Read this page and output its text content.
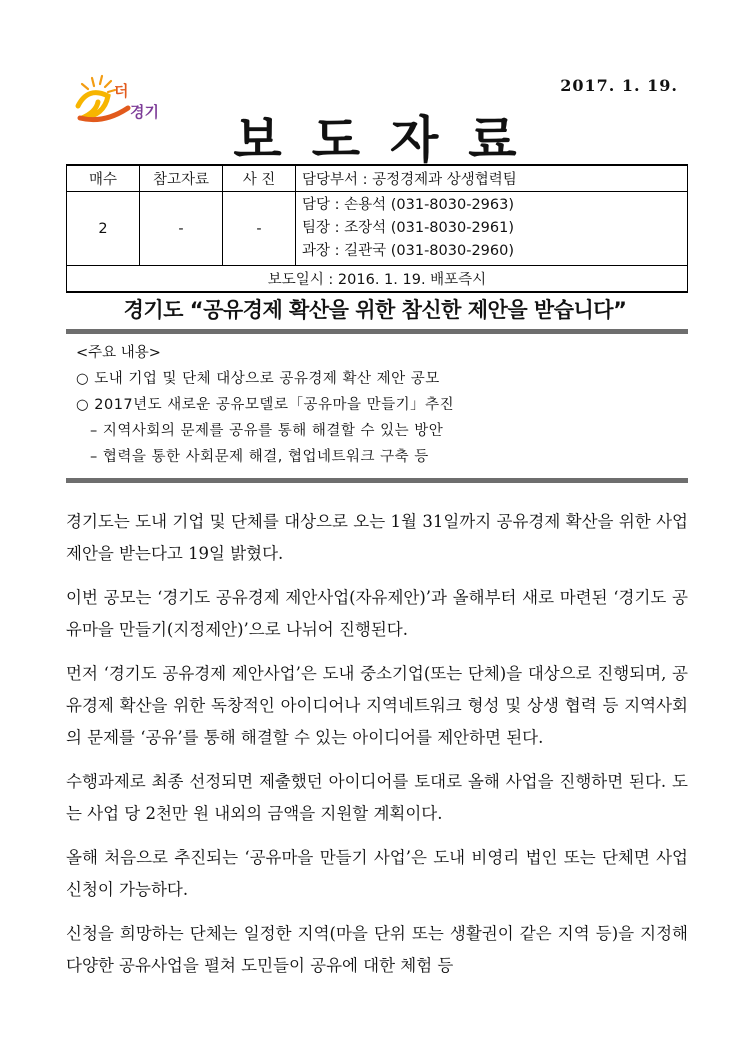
더
경기
2017. 1. 19.
보도자료
매수	참고자료	사 진	담당부서 : 공정경제과 상생협력팀
2	-	-	담당 : 손용석 (031-8030-2963)
팀장 : 조장석 (031-8030-2961)
과장 : 길관국 (031-8030-2960)

보도일시 : 2016. 1. 19. 배포즉시			
경기도 “공유경제 확산을 위한 참신한 제안을 받습니다”
<주요 내용>
○ 도내 기업 및 단체 대상으로 공유경제 확산 제안 공모
○ 2017년도 새로운 공유모델로「공유마을 만들기」추진
– 지역사회의 문제를 공유를 통해 해결할 수 있는 방안
– 협력을 통한 사회문제 해결, 협업네트워크 구축 등

경기도는 도내 기업 및 단체를 대상으로 오는 1월 31일까지 공유경제 확산을 위한 사업제안을 받는다고 19일 밝혔다.

이번 공모는 ‘경기도 공유경제 제안사업(자유제안)’과 올해부터 새로 마련된 ‘경기도 공유마을 만들기(지정제안)’으로 나뉘어 진행된다.

먼저 ‘경기도 공유경제 제안사업’은 도내 중소기업(또는 단체)을 대상으로 진행되며, 공유경제 확산을 위한 독창적인 아이디어나 지역네트워크 형성 및 상생 협력 등 지역사회의 문제를 ‘공유’를 통해 해결할 수 있는 아이디어를 제안하면 된다.

수행과제로 최종 선정되면 제출했던 아이디어를 토대로 올해 사업을 진행하면 된다. 도는 사업 당 2천만 원 내외의 금액을 지원할 계획이다.

올해 처음으로 추진되는 ‘공유마을 만들기 사업’은 도내 비영리 법인 또는 단체면 사업신청이 가능하다.

신청을 희망하는 단체는 일정한 지역(마을 단위 또는 생활권이 같은 지역 등)을 지정해 다양한 공유사업을 펼쳐 도민들이 공유에 대한 체험 등
